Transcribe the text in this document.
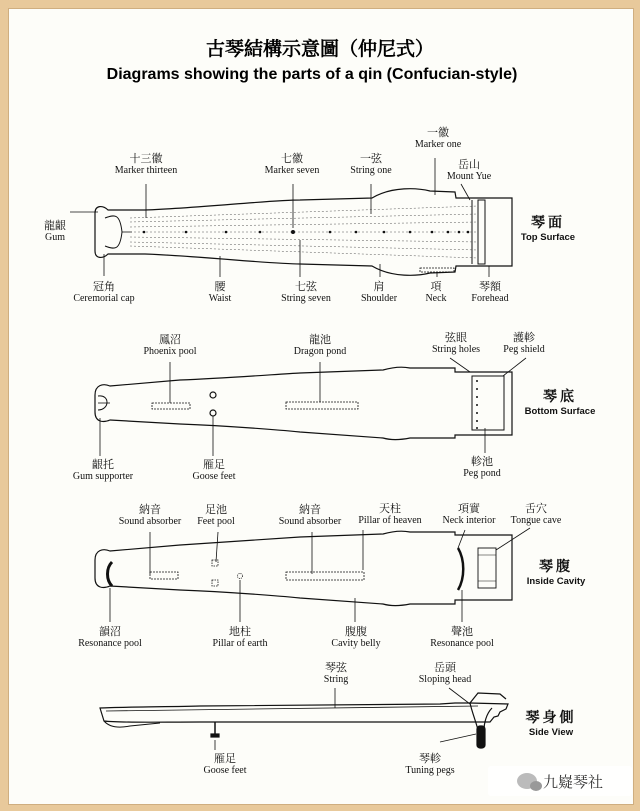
古琴結構示意圖（仲尼式）
Diagrams showing the parts of a qin (Confucian-style)
十三徽
Marker thirteen
七徽
Marker seven
一弦
String one
一徽
Marker one
岳山
Mount Yue
龍齦
Gum
冠角
Ceremorial cap
腰
Waist
七弦
String seven
肩
Shoulder
項
Neck
琴額
Forehead
琴面
Top Surface
鳳沼
Phoenix pool
龍池
Dragon pond
弦眼
String holes
護軫
Peg shield
齦托
Gum supporter
雁足
Goose feet
軫池
Peg pond
琴底
Bottom Surface
納音
Sound absorber
足池
Feet pool
納音
Sound absorber
天柱
Pillar of heaven
項實
Neck interior
舌穴
Tongue cave
韻沼
Resonance pool
地柱
Pillar of earth
腹腹
Cavity belly
聲池
Resonance pool
琴腹
Inside Cavity
琴弦
String
岳頭
Sloping head
雁足
Goose feet
琴軫
Tuning pegs
琴身側
Side View
九嶷琴社
